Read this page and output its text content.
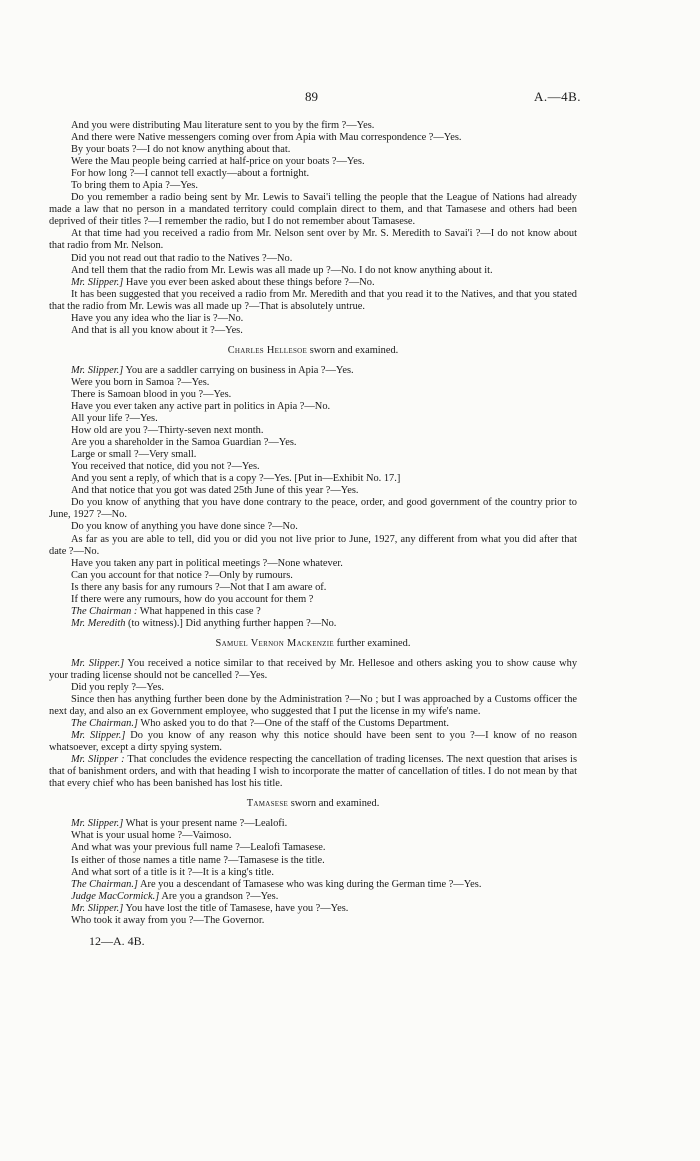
89	A.—4B.

And you were distributing Mau literature sent to you by the firm ?—Yes.

And there were Native messengers coming over from Apia with Mau correspondence ?—Yes.

By your boats ?—I do not know anything about that.

Were the Mau people being carried at half-price on your boats ?—Yes.

For how long ?—I cannot tell exactly—about a fortnight.

To bring them to Apia ?—Yes.

Do you remember a radio being sent by Mr. Lewis to Savai'i telling the people that the League of Nations had already made a law that no person in a mandated territory could complain direct to them, and that Tamasese and others had been deprived of their titles ?—I remember the radio, but I do not remember about Tamasese.

At that time had you received a radio from Mr. Nelson sent over by Mr. S. Meredith to Savai'i ?—I do not know about that radio from Mr. Nelson.

Did you not read out that radio to the Natives ?—No.

And tell them that the radio from Mr. Lewis was all made up ?—No. I do not know anything about it.

Mr. Slipper.] Have you ever been asked about these things before ?—No.

It has been suggested that you received a radio from Mr. Meredith and that you read it to the Natives, and that you stated that the radio from Mr. Lewis was all made up ?—That is absolutely untrue.

Have you any idea who the liar is ?—No.

And that is all you know about it ?—Yes.

Charles Hellesoe sworn and examined.

Mr. Slipper.] You are a saddler carrying on business in Apia ?—Yes.

Were you born in Samoa ?—Yes.

There is Samoan blood in you ?—Yes.

Have you ever taken any active part in politics in Apia ?—No.

All your life ?—Yes.

How old are you ?—Thirty-seven next month.

Are you a shareholder in the Samoa Guardian ?—Yes.

Large or small ?—Very small.

You received that notice, did you not ?—Yes.

And you sent a reply, of which that is a copy ?—Yes. [Put in—Exhibit No. 17.]

And that notice that you got was dated 25th June of this year ?—Yes.

Do you know of anything that you have done contrary to the peace, order, and good government of the country prior to June, 1927 ?—No.

Do you know of anything you have done since ?—No.

As far as you are able to tell, did you or did you not live prior to June, 1927, any different from what you did after that date ?—No.

Have you taken any part in political meetings ?—None whatever.

Can you account for that notice ?—Only by rumours.

Is there any basis for any rumours ?—Not that I am aware of.

If there were any rumours, how do you account for them ?

The Chairman : What happened in this case ?

Mr. Meredith (to witness).] Did anything further happen ?—No.

Samuel Vernon Mackenzie further examined.

Mr. Slipper.] You received a notice similar to that received by Mr. Hellesoe and others asking you to show cause why your trading license should not be cancelled ?—Yes.

Did you reply ?—Yes.

Since then has anything further been done by the Administration ?—No ; but I was approached by a Customs officer the next day, and also an ex Government employee, who suggested that I put the license in my wife's name.

The Chairman.] Who asked you to do that ?—One of the staff of the Customs Department.

Mr. Slipper.] Do you know of any reason why this notice should have been sent to you ?—I know of no reason whatsoever, except a dirty spying system.

Mr. Slipper : That concludes the evidence respecting the cancellation of trading licenses. The next question that arises is that of banishment orders, and with that heading I wish to incorporate the matter of cancellation of titles. I do not mean by that that every chief who has been banished has lost his title.

Tamasese sworn and examined.

Mr. Slipper.] What is your present name ?—Lealofi.

What is your usual home ?—Vaimoso.

And what was your previous full name ?—Lealofi Tamasese.

Is either of those names a title name ?—Tamasese is the title.

And what sort of a title is it ?—It is a king's title.

The Chairman.] Are you a descendant of Tamasese who was king during the German time ?—Yes.

Judge MacCormick.] Are you a grandson ?—Yes.

Mr. Slipper.] You have lost the title of Tamasese, have you ?—Yes.

Who took it away from you ?—The Governor.

12—A. 4B.
